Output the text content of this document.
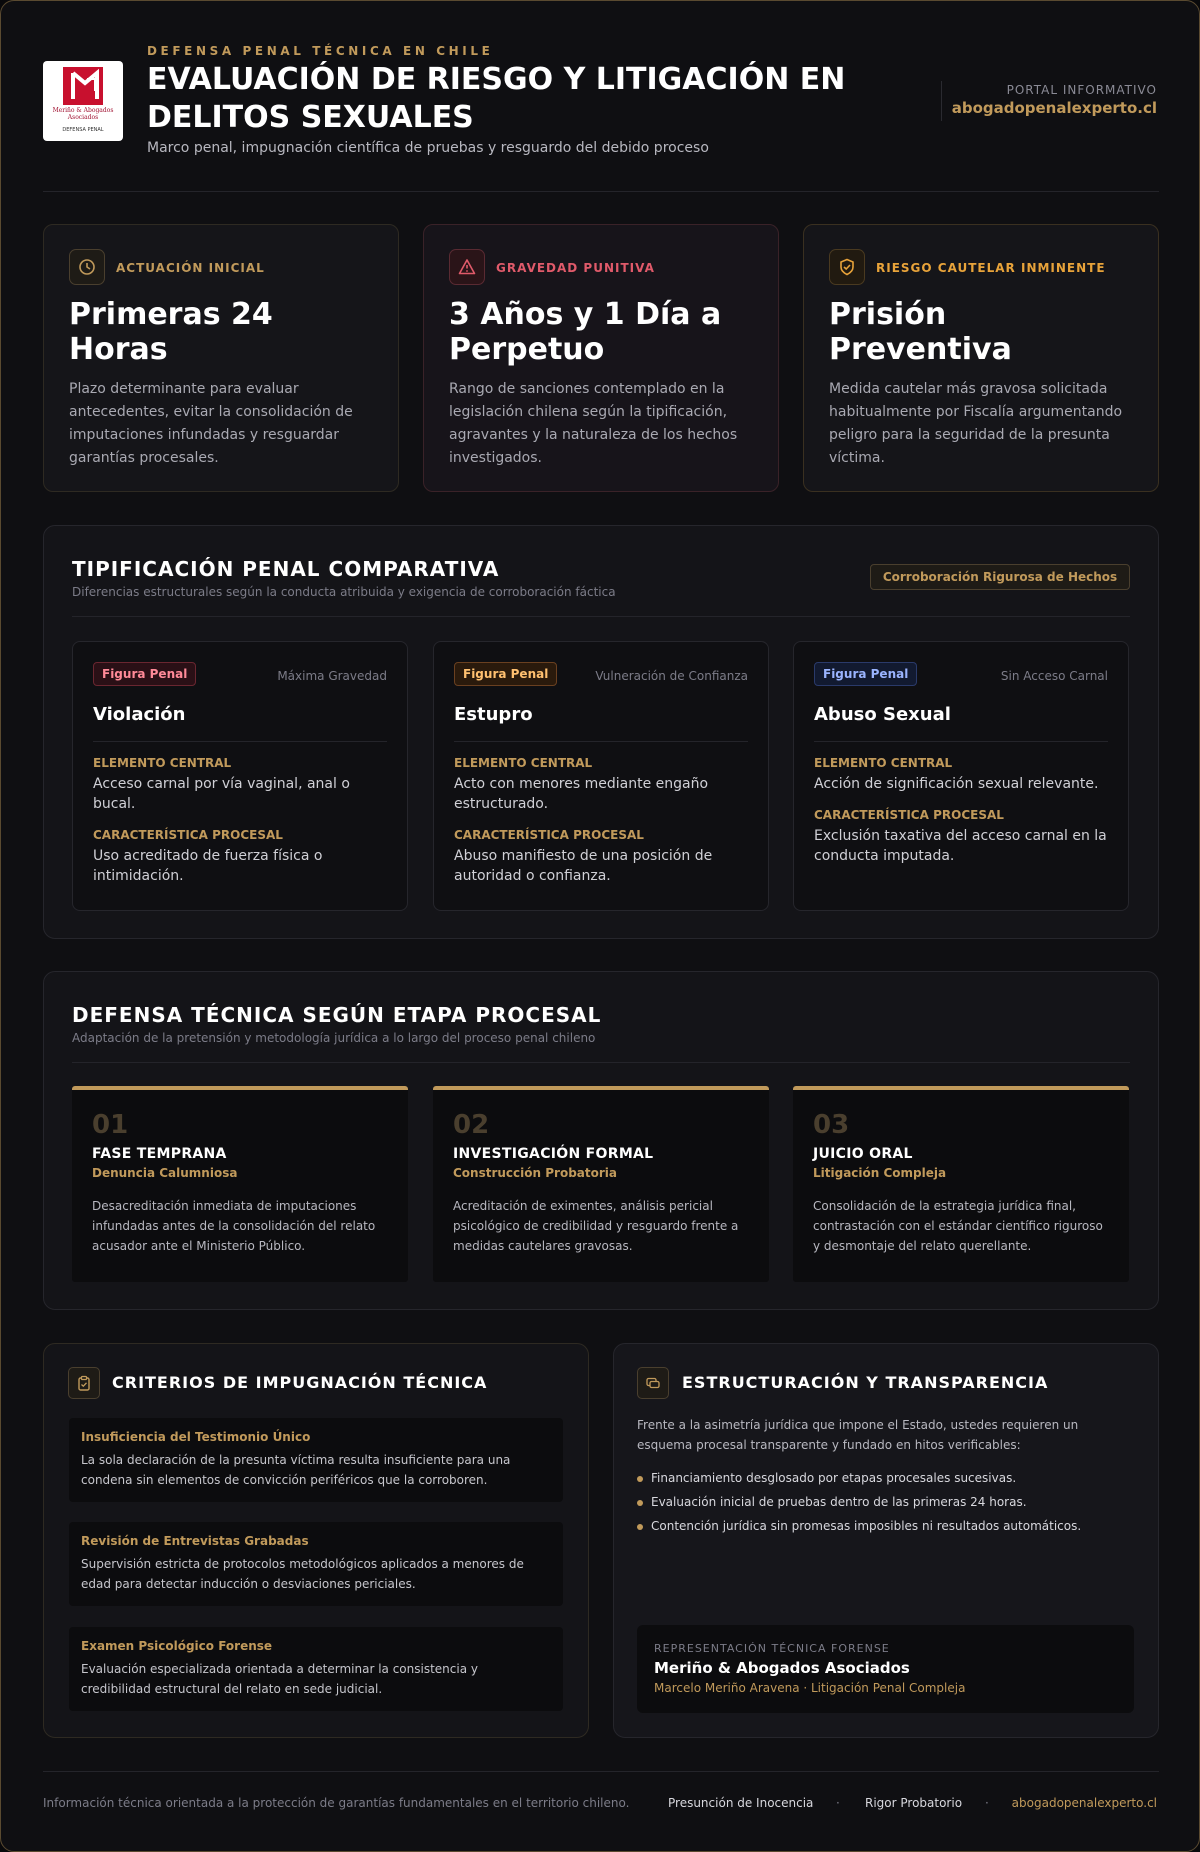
Meriño & Abogados Asociados
DEFENSA PENAL
DEFENSA PENAL TÉCNICA EN CHILE
EVALUACIÓN DE RIESGO Y LITIGACIÓN EN DELITOS SEXUALES
Marco penal, impugnación científica de pruebas y resguardo del debido proceso
PORTAL INFORMATIVO
abogadopenalexperto.cl
ACTUACIÓN INICIAL
Primeras 24 Horas
Plazo determinante para evaluar antecedentes, evitar la consolidación de imputaciones infundadas y resguardar garantías procesales.
GRAVEDAD PUNITIVA
3 Años y 1 Día a Perpetuo
Rango de sanciones contemplado en la legislación chilena según la tipificación, agravantes y la naturaleza de los hechos investigados.
RIESGO CAUTELAR INMINENTE
Prisión Preventiva
Medida cautelar más gravosa solicitada habitualmente por Fiscalía argumentando peligro para la seguridad de la presunta víctima.
TIPIFICACIÓN PENAL COMPARATIVA
Diferencias estructurales según la conducta atribuida y exigencia de corroboración fáctica
Corroboración Rigurosa de Hechos
Figura Penal	Máxima Gravedad
Violación
ELEMENTO CENTRAL
Acceso carnal por vía vaginal, anal o bucal.
CARACTERÍSTICA PROCESAL
Uso acreditado de fuerza física o intimidación.
Figura Penal	Vulneración de Confianza
Estupro
ELEMENTO CENTRAL
Acto con menores mediante engaño estructurado.
CARACTERÍSTICA PROCESAL
Abuso manifiesto de una posición de autoridad o confianza.
Figura Penal	Sin Acceso Carnal
Abuso Sexual
ELEMENTO CENTRAL
Acción de significación sexual relevante.
CARACTERÍSTICA PROCESAL
Exclusión taxativa del acceso carnal en la conducta imputada.
DEFENSA TÉCNICA SEGÚN ETAPA PROCESAL
Adaptación de la pretensión y metodología jurídica a lo largo del proceso penal chileno
01
FASE TEMPRANA
Denuncia Calumniosa
Desacreditación inmediata de imputaciones infundadas antes de la consolidación del relato acusador ante el Ministerio Público.
02
INVESTIGACIÓN FORMAL
Construcción Probatoria
Acreditación de eximentes, análisis pericial psicológico de credibilidad y resguardo frente a medidas cautelares gravosas.
03
JUICIO ORAL
Litigación Compleja
Consolidación de la estrategia jurídica final, contrastación con el estándar científico riguroso y desmontaje del relato querellante.
CRITERIOS DE IMPUGNACIÓN TÉCNICA
Insuficiencia del Testimonio Único
La sola declaración de la presunta víctima resulta insuficiente para una condena sin elementos de convicción periféricos que la corroboren.
Revisión de Entrevistas Grabadas
Supervisión estricta de protocolos metodológicos aplicados a menores de edad para detectar inducción o desviaciones periciales.
Examen Psicológico Forense
Evaluación especializada orientada a determinar la consistencia y credibilidad estructural del relato en sede judicial.
ESTRUCTURACIÓN Y TRANSPARENCIA
Frente a la asimetría jurídica que impone el Estado, ustedes requieren un esquema procesal transparente y fundado en hitos verificables:
Financiamiento desglosado por etapas procesales sucesivas.
Evaluación inicial de pruebas dentro de las primeras 24 horas.
Contención jurídica sin promesas imposibles ni resultados automáticos.
REPRESENTACIÓN TÉCNICA FORENSE
Meriño & Abogados Asociados
Marcelo Meriño Aravena · Litigación Penal Compleja
Información técnica orientada a la protección de garantías fundamentales en el territorio chileno.	Presunción de Inocencia · Rigor Probatorio · abogadopenalexperto.cl
